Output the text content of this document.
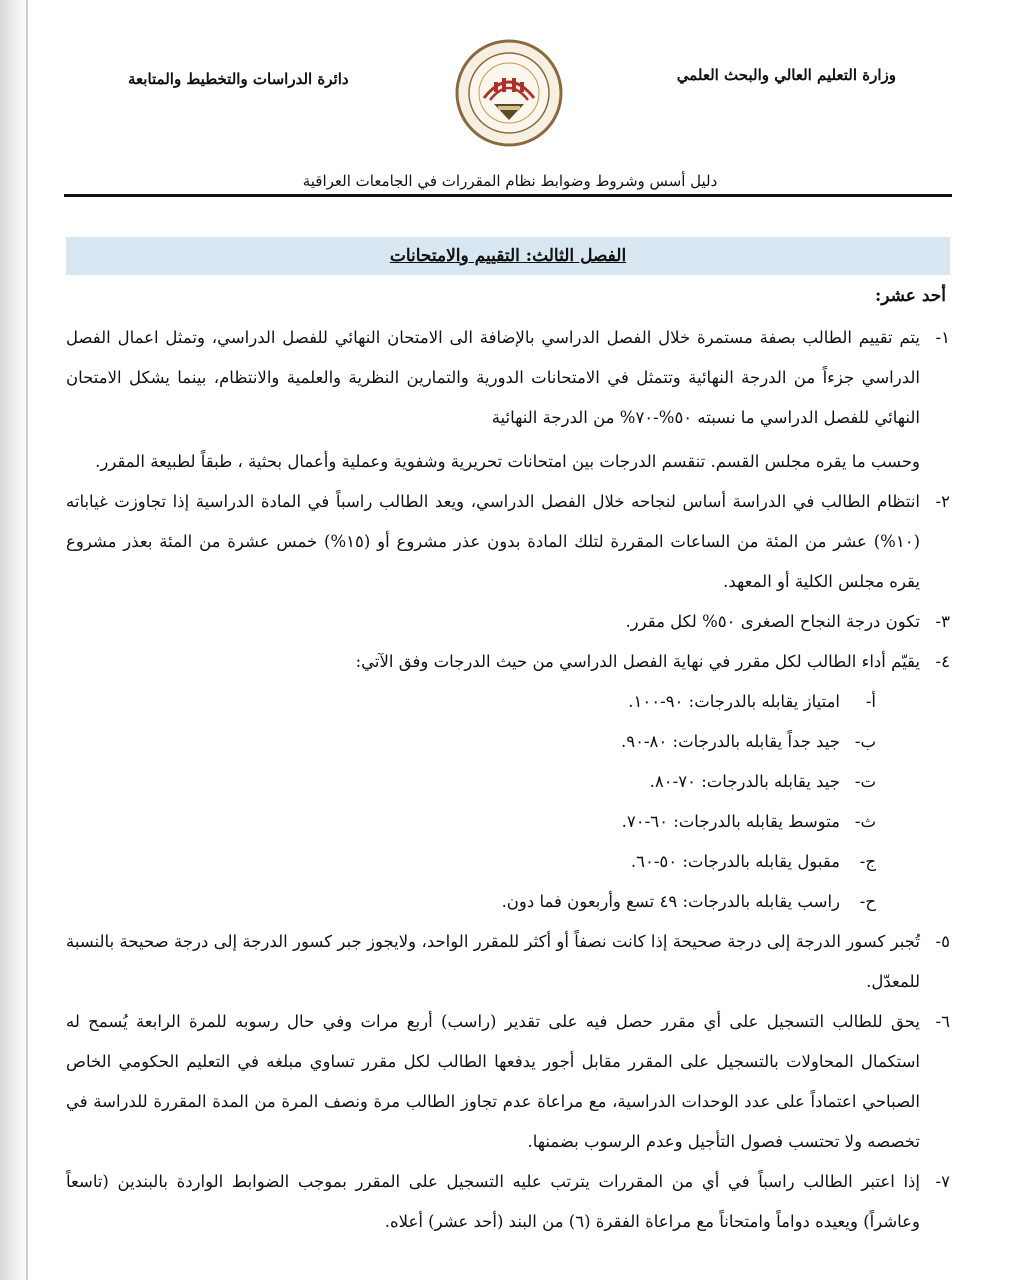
وزارة التعليم العالي والبحث العلمي
دائرة الدراسات والتخطيط والمتابعة
دليل أسس وشروط وضوابط نظام المقررات في الجامعات العراقية
الفصل الثالث: التقييم والامتحانات
أحد عشر:
١-
يتم تقييم الطالب بصفة مستمرة خلال الفصل الدراسي بالإضافة الى الامتحان النهائي للفصل الدراسي، وتمثل اعمال الفصل الدراسي جزءاً من الدرجة النهائية وتتمثل في الامتحانات الدورية والتمارين النظرية والعلمية والانتظام، بينما يشكل الامتحان النهائي للفصل الدراسي ما نسبته ٥٠%-٧٠% من الدرجة النهائية
وحسب ما يقره مجلس القسم. تنقسم الدرجات بين امتحانات تحريرية وشفوية وعملية وأعمال بحثية ، طبقاً لطبيعة المقرر.
٢-
انتظام الطالب في الدراسة أساس لنجاحه خلال الفصل الدراسي، ويعد الطالب راسباً في المادة الدراسية إذا تجاوزت غياباته (١٠%) عشر من المئة من الساعات المقررة لتلك المادة بدون عذر مشروع أو (١٥%) خمس عشرة من المئة بعذر مشروع يقره مجلس الكلية أو المعهد.
٣-
تكون درجة النجاح الصغرى ٥٠% لكل مقرر.
٤-
يقيّم أداء الطالب لكل مقرر في نهاية الفصل الدراسي من حيث الدرجات وفق الآتي:
أ-
امتياز يقابله بالدرجات: ٩٠-١٠٠.
ب-
جيد جداً يقابله بالدرجات: ٨٠-٩٠.
ت-
جيد يقابله بالدرجات: ٧٠-٨٠.
ث-
متوسط يقابله بالدرجات: ٦٠-٧٠.
ج-
مقبول يقابله بالدرجات: ٥٠-٦٠.
ح-
راسب يقابله بالدرجات: ٤٩ تسع وأربعون فما دون.
٥-
تُجبر كسور الدرجة إلى درجة صحيحة إذا كانت نصفاً أو أكثر للمقرر الواحد، ولايجوز جبر كسور الدرجة إلى درجة صحيحة بالنسبة للمعدّل.
٦-
يحق للطالب التسجيل على أي مقرر حصل فيه على تقدير (راسب) أربع مرات وفي حال رسوبه للمرة الرابعة يُسمح له استكمال المحاولات بالتسجيل على المقرر مقابل أجور يدفعها الطالب لكل مقرر تساوي مبلغه في التعليم الحكومي الخاص الصباحي اعتماداً على عدد الوحدات الدراسية، مع مراعاة عدم تجاوز الطالب مرة ونصف المرة من المدة المقررة للدراسة في تخصصه ولا تحتسب فصول التأجيل وعدم الرسوب بضمنها.
٧-
إذا اعتبر الطالب راسباً في أي من المقررات يترتب عليه التسجيل على المقرر بموجب الضوابط الواردة بالبندين (تاسعاً وعاشراً) ويعيده دواماً وامتحاناً مع مراعاة الفقرة (٦) من البند (أحد عشر) أعلاه.
